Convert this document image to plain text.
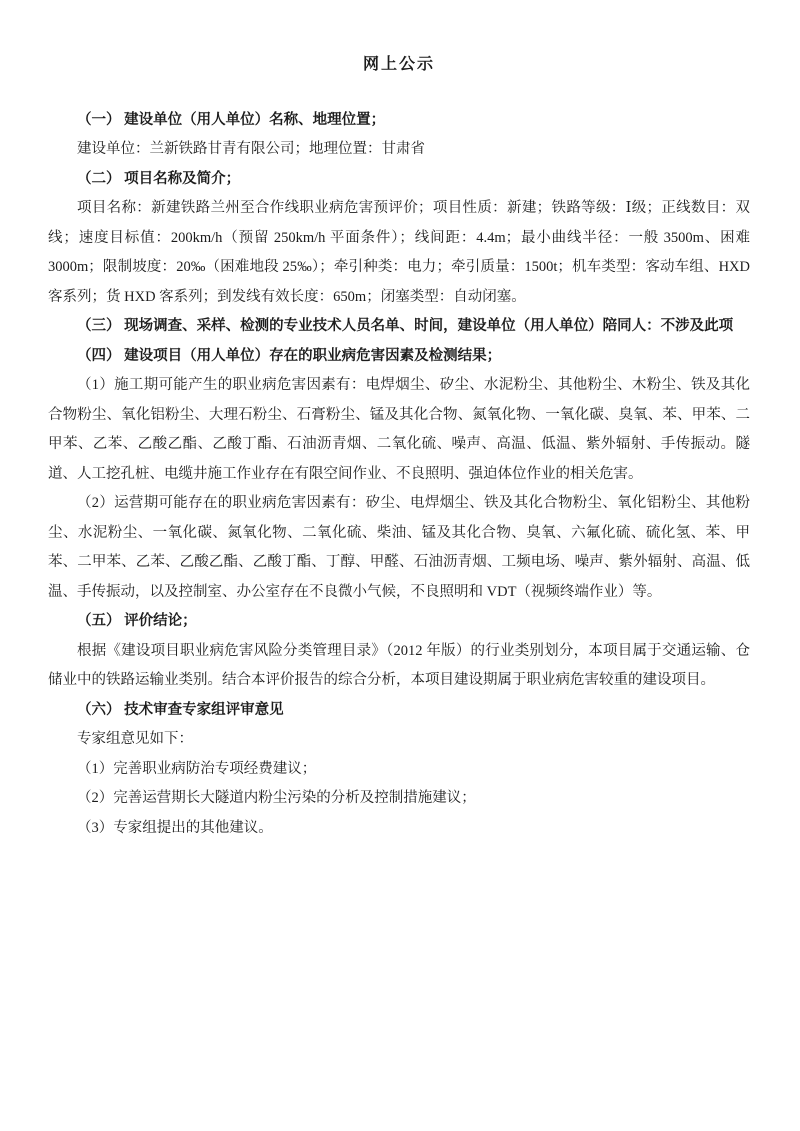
网上公示

（一） 建设单位（用人单位）名称、地理位置；

建设单位：兰新铁路甘青有限公司；地理位置：甘肃省

（二） 项目名称及简介；

项目名称：新建铁路兰州至合作线职业病危害预评价；项目性质：新建；铁路等级：Ⅰ级；正线数目：双线；速度目标值：200km/h（预留 250km/h 平面条件）；线间距：4.4m；最小曲线半径：一般 3500m、困难 3000m；限制坡度：20‰（困难地段 25‰）；牵引种类：电力；牵引质量：1500t；机车类型：客动车组、HXD 客系列；货 HXD 客系列；到发线有效长度：650m；闭塞类型：自动闭塞。

（三） 现场调查、采样、检测的专业技术人员名单、时间，建设单位（用人单位）陪同人：不涉及此项

（四） 建设项目（用人单位）存在的职业病危害因素及检测结果；

（1）施工期可能产生的职业病危害因素有：电焊烟尘、矽尘、水泥粉尘、其他粉尘、木粉尘、铁及其化合物粉尘、氧化铝粉尘、大理石粉尘、石膏粉尘、锰及其化合物、氮氧化物、一氧化碳、臭氧、苯、甲苯、二甲苯、乙苯、乙酸乙酯、乙酸丁酯、石油沥青烟、二氧化硫、噪声、高温、低温、紫外辐射、手传振动。隧道、人工挖孔桩、电缆井施工作业存在有限空间作业、不良照明、强迫体位作业的相关危害。

（2）运营期可能存在的职业病危害因素有：矽尘、电焊烟尘、铁及其化合物粉尘、氧化铝粉尘、其他粉尘、水泥粉尘、一氧化碳、氮氧化物、二氧化硫、柴油、锰及其化合物、臭氧、六氟化硫、硫化氢、苯、甲苯、二甲苯、乙苯、乙酸乙酯、乙酸丁酯、丁醇、甲醛、石油沥青烟、工频电场、噪声、紫外辐射、高温、低温、手传振动，以及控制室、办公室存在不良微小气候，不良照明和 VDT（视频终端作业）等。

（五） 评价结论；

根据《建设项目职业病危害风险分类管理目录》（2012 年版）的行业类别划分，本项目属于交通运输、仓储业中的铁路运输业类别。结合本评价报告的综合分析，本项目建设期属于职业病危害较重的建设项目。

（六） 技术审查专家组评审意见

专家组意见如下：

（1）完善职业病防治专项经费建议；

（2）完善运营期长大隧道内粉尘污染的分析及控制措施建议；

（3）专家组提出的其他建议。
